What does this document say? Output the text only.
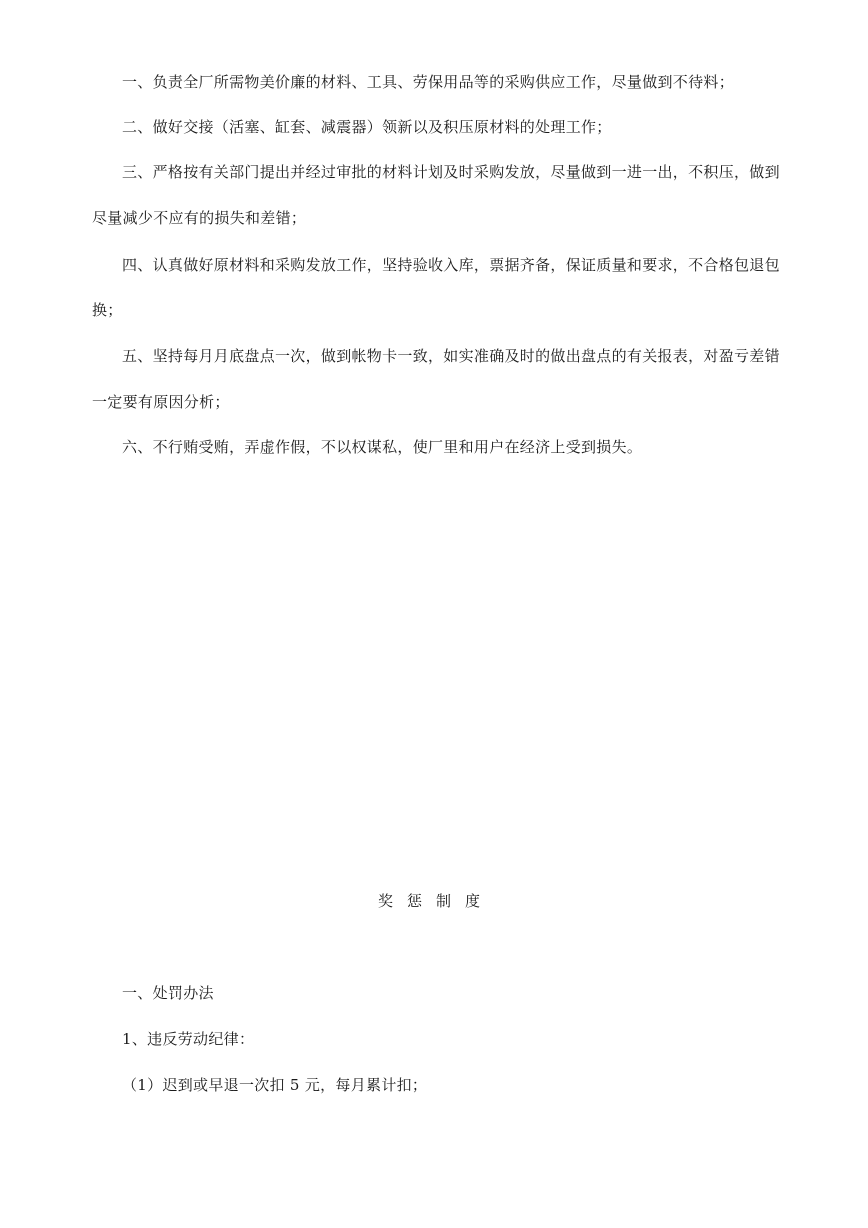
一、负责全厂所需物美价廉的材料、工具、劳保用品等的采购供应工作，尽量做到不待料；
二、做好交接（活塞、缸套、减震器）领新以及积压原材料的处理工作；
三、严格按有关部门提出并经过审批的材料计划及时采购发放，尽量做到一进一出，不积压，做到
尽量减少不应有的损失和差错；
四、认真做好原材料和采购发放工作，坚持验收入库，票据齐备，保证质量和要求，不合格包退包
换；
五、坚持每月月底盘点一次，做到帐物卡一致，如实准确及时的做出盘点的有关报表，对盈亏差错
一定要有原因分析；
六、不行贿受贿，弄虚作假，不以权谋私，使厂里和用户在经济上受到损失。
奖惩制度
一、处罚办法
1、违反劳动纪律：
（1）迟到或早退一次扣 5 元，每月累计扣；
